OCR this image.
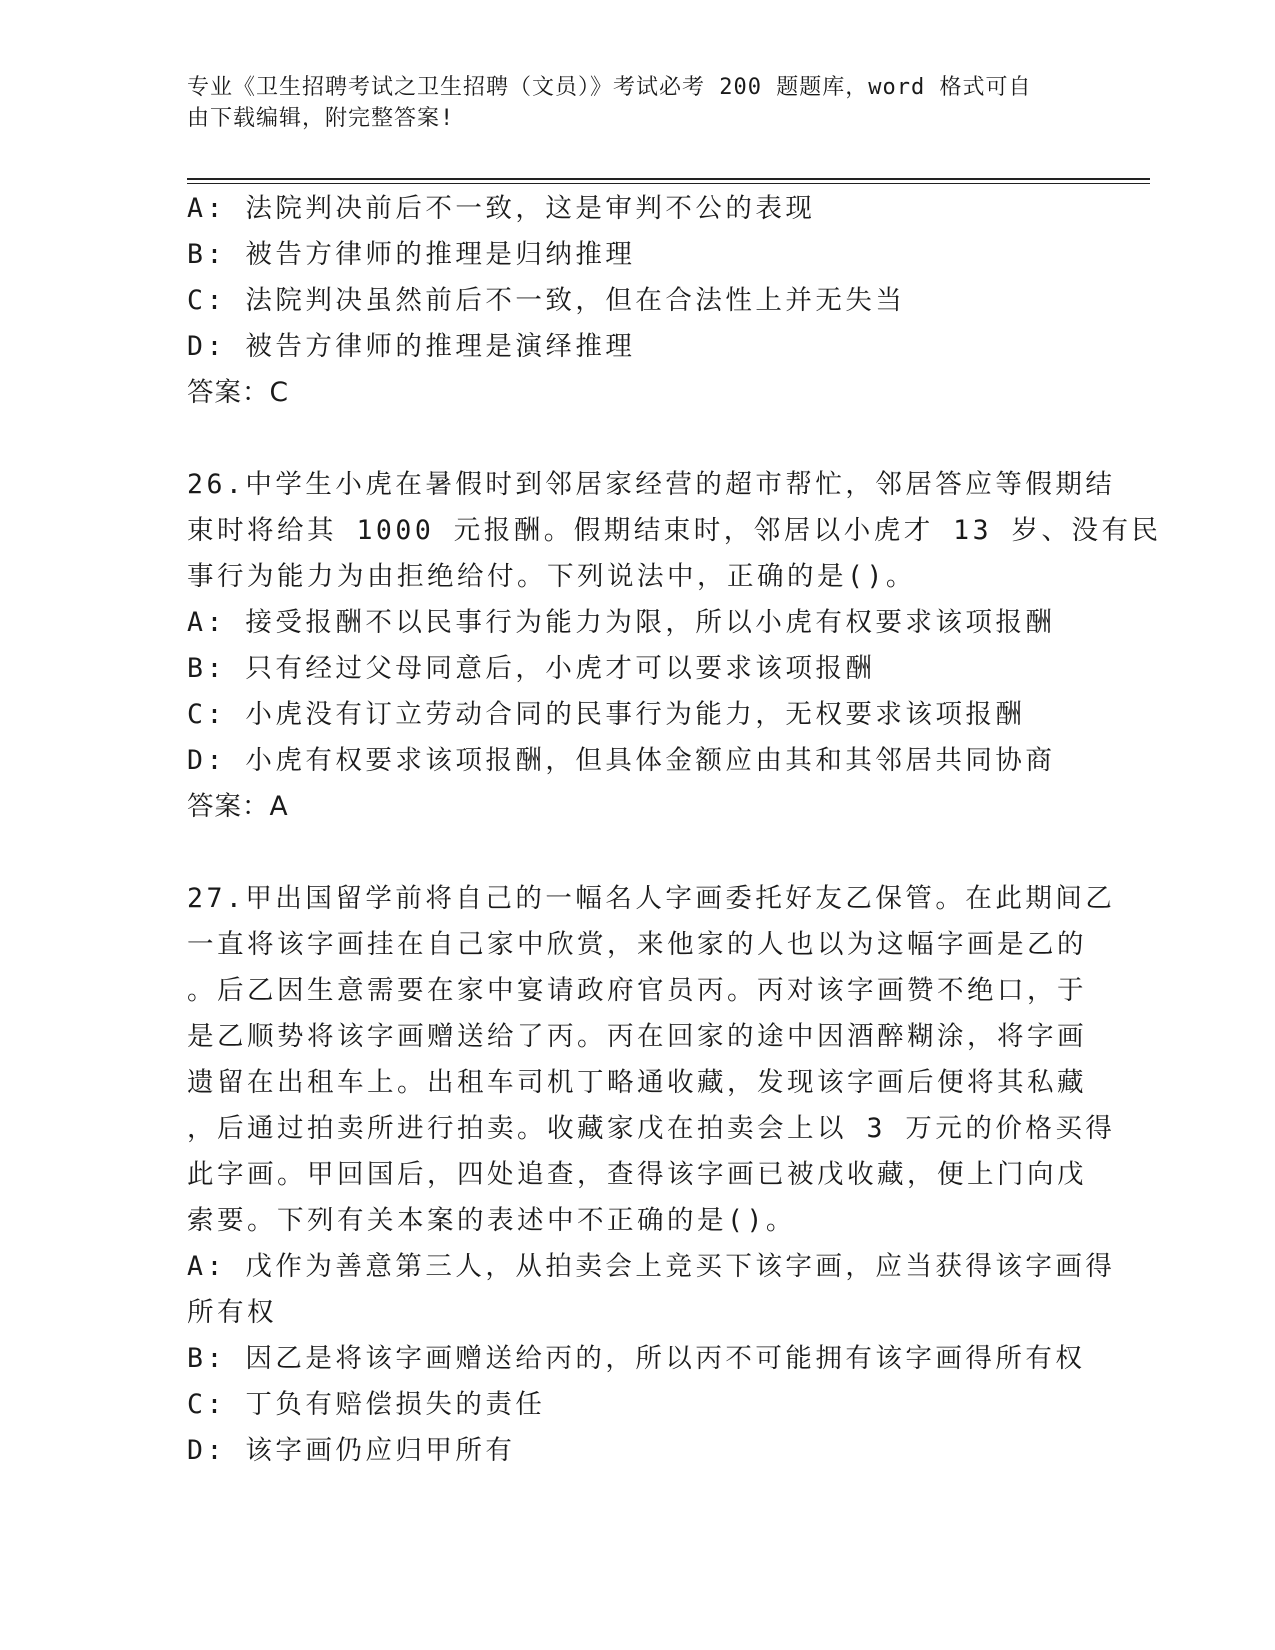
专业《卫生招聘考试之卫生招聘（文员）》考试必考 200 题题库，word 格式可自
由下载编辑，附完整答案!
A: 法院判决前后不一致，这是审判不公的表现
B: 被告方律师的推理是归纳推理
C: 法院判决虽然前后不一致，但在合法性上并无失当
D: 被告方律师的推理是演绎推理
答案：C
26.中学生小虎在暑假时到邻居家经营的超市帮忙，邻居答应等假期结
束时将给其 1000 元报酬。假期结束时，邻居以小虎才 13 岁、没有民
事行为能力为由拒绝给付。下列说法中，正确的是()。
A: 接受报酬不以民事行为能力为限，所以小虎有权要求该项报酬
B: 只有经过父母同意后，小虎才可以要求该项报酬
C: 小虎没有订立劳动合同的民事行为能力，无权要求该项报酬
D: 小虎有权要求该项报酬，但具体金额应由其和其邻居共同协商
答案：A
27.甲出国留学前将自己的一幅名人字画委托好友乙保管。在此期间乙
一直将该字画挂在自己家中欣赏，来他家的人也以为这幅字画是乙的
。后乙因生意需要在家中宴请政府官员丙。丙对该字画赞不绝口，于
是乙顺势将该字画赠送给了丙。丙在回家的途中因酒醉糊涂，将字画
遗留在出租车上。出租车司机丁略通收藏，发现该字画后便将其私藏
，后通过拍卖所进行拍卖。收藏家戊在拍卖会上以 3 万元的价格买得
此字画。甲回国后，四处追查，查得该字画已被戊收藏，便上门向戊
索要。下列有关本案的表述中不正确的是()。
A: 戊作为善意第三人，从拍卖会上竞买下该字画，应当获得该字画得
所有权
B: 因乙是将该字画赠送给丙的，所以丙不可能拥有该字画得所有权
C: 丁负有赔偿损失的责任
D: 该字画仍应归甲所有
